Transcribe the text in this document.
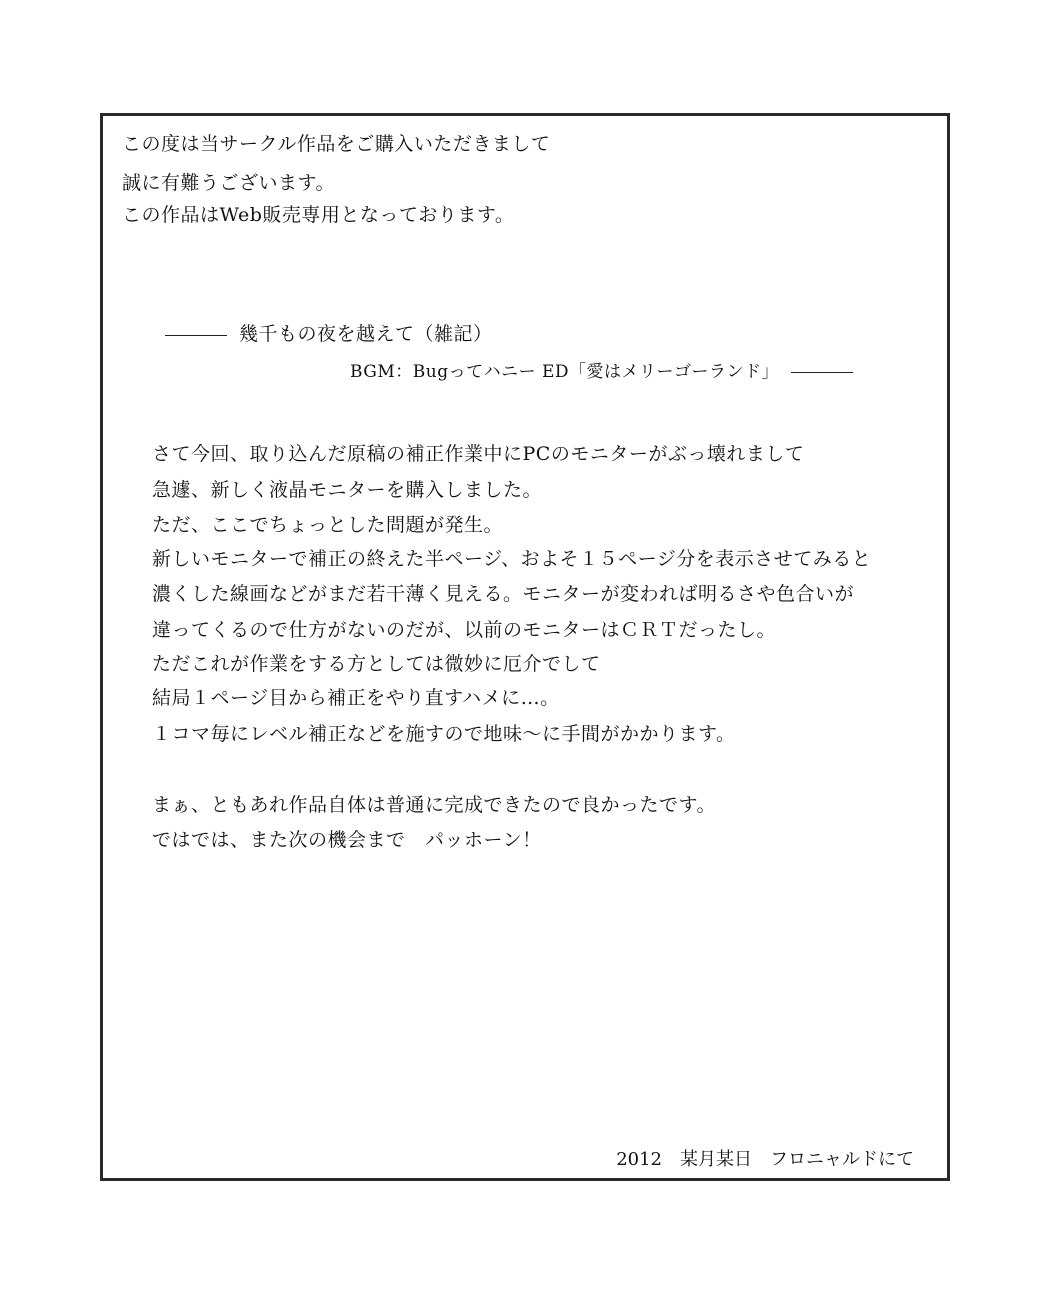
この度は当サークル作品をご購入いただきまして
誠に有難うございます。
この作品はWeb販売専用となっております。
幾千もの夜を越えて（雑記）
BGM：Bugってハニー ED「愛はメリーゴーランド」
さて今回、取り込んだ原稿の補正作業中にPCのモニターがぶっ壊れまして
急遽、新しく液晶モニターを購入しました。
ただ、ここでちょっとした問題が発生。
新しいモニターで補正の終えた半ページ、およそ１５ページ分を表示させてみると
濃くした線画などがまだ若干薄く見える。モニターが変われば明るさや色合いが
違ってくるので仕方がないのだが、以前のモニターはＣＲＴだったし。
ただこれが作業をする方としては微妙に厄介でして
結局１ページ目から補正をやり直すハメに…。
１コマ毎にレベル補正などを施すので地味～に手間がかかります。
まぁ、ともあれ作品自体は普通に完成できたので良かったです。
ではでは、また次の機会まで　パッホーン！
2012 某月某日 フロニャルドにて
